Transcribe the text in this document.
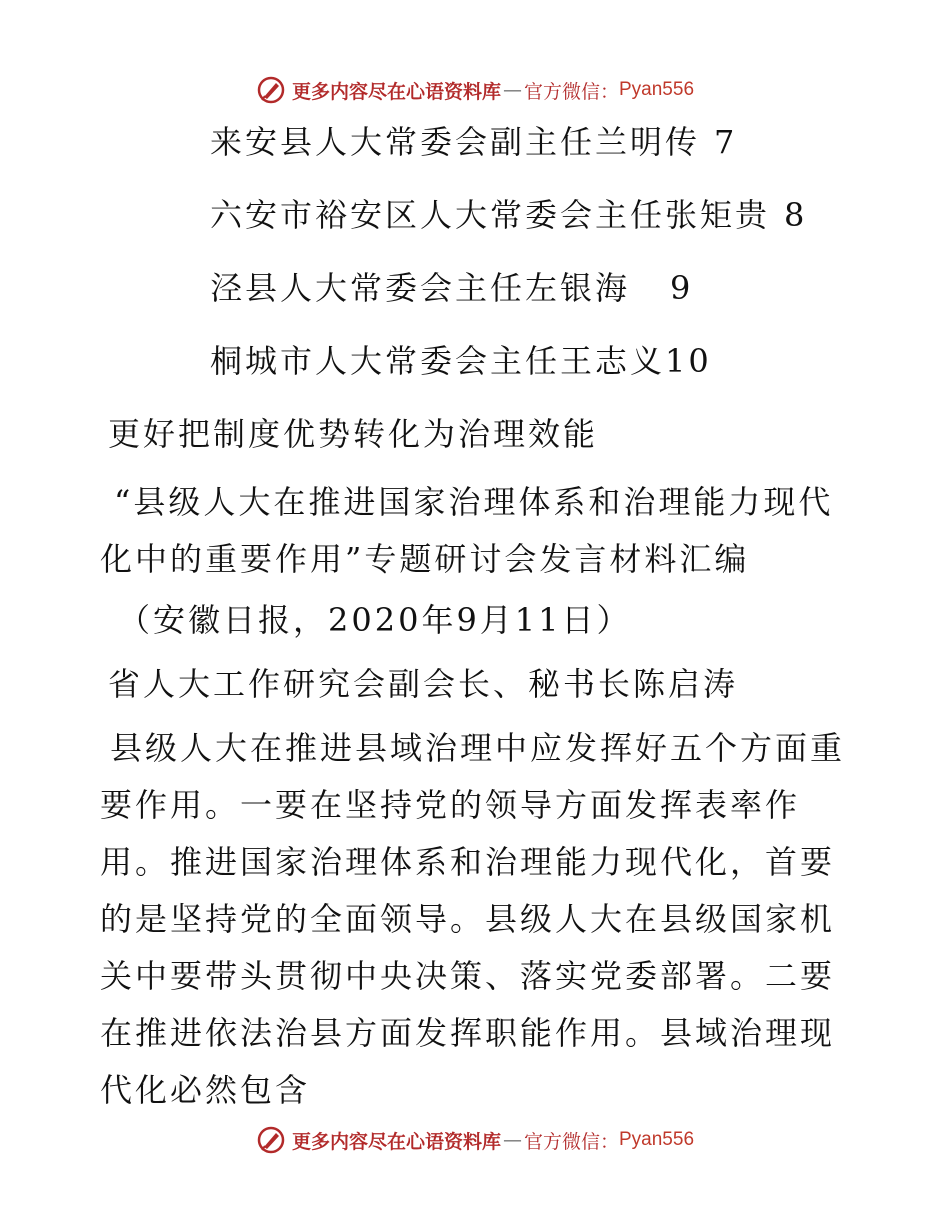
更多内容尽在心语资料库 — 官方微信： Pyan556
来安县人大常委会副主任兰明传 7
六安市裕安区人大常委会主任张矩贵 8
泾县人大常委会主任左银海 9
桐城市人大常委会主任王志义10
更好把制度优势转化为治理效能
“县级人大在推进国家治理体系和治理能力现代化中的重要作用”专题研讨会发言材料汇编
（安徽日报，2020年9月11日）
省人大工作研究会副会长、秘书长陈启涛
县级人大在推进县域治理中应发挥好五个方面重要作用。一要在坚持党的领导方面发挥表率作用。推进国家治理体系和治理能力现代化，首要的是坚持党的全面领导。县级人大在县级国家机关中要带头贯彻中央决策、落实党委部署。二要在推进依法治县方面发挥职能作用。县域治理现代化必然包含
更多内容尽在心语资料库 — 官方微信： Pyan556
